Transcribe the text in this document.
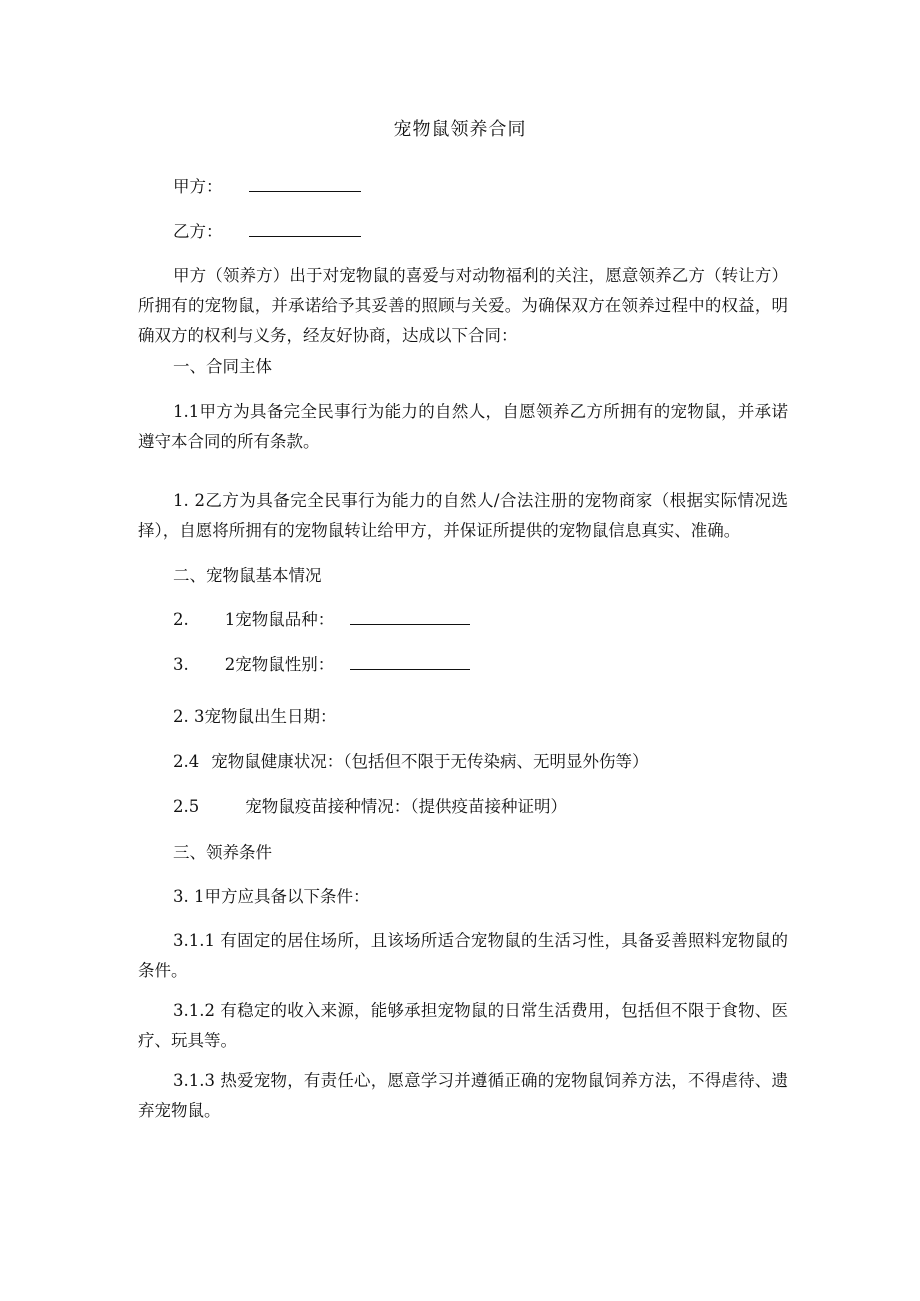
宠物鼠领养合同

甲方：

乙方：

甲方（领养方）出于对宠物鼠的喜爱与对动物福利的关注，愿意领养乙方（转让方）所拥有的宠物鼠，并承诺给予其妥善的照顾与关爱。为确保双方在领养过程中的权益，明确双方的权利与义务，经友好协商，达成以下合同：

一、合同主体

1.1甲方为具备完全民事行为能力的自然人，自愿领养乙方所拥有的宠物鼠，并承诺遵守本合同的所有条款。

1. 2乙方为具备完全民事行为能力的自然人/合法注册的宠物商家（根据实际情况选择），自愿将所拥有的宠物鼠转让给甲方，并保证所提供的宠物鼠信息真实、准确。

二、宠物鼠基本情况

2. 1宠物鼠品种：

3. 2宠物鼠性别：

2. 3宠物鼠出生日期：

2.4 宠物鼠健康状况：（包括但不限于无传染病、无明显外伤等）

2.5	宠物鼠疫苗接种情况：（提供疫苗接种证明）

三、领养条件

3. 1甲方应具备以下条件：

3.1.1 有固定的居住场所，且该场所适合宠物鼠的生活习性，具备妥善照料宠物鼠的条件。

3.1.2 有稳定的收入来源，能够承担宠物鼠的日常生活费用，包括但不限于食物、医疗、玩具等。

3.1.3 热爱宠物，有责任心，愿意学习并遵循正确的宠物鼠饲养方法，不得虐待、遗弃宠物鼠。
